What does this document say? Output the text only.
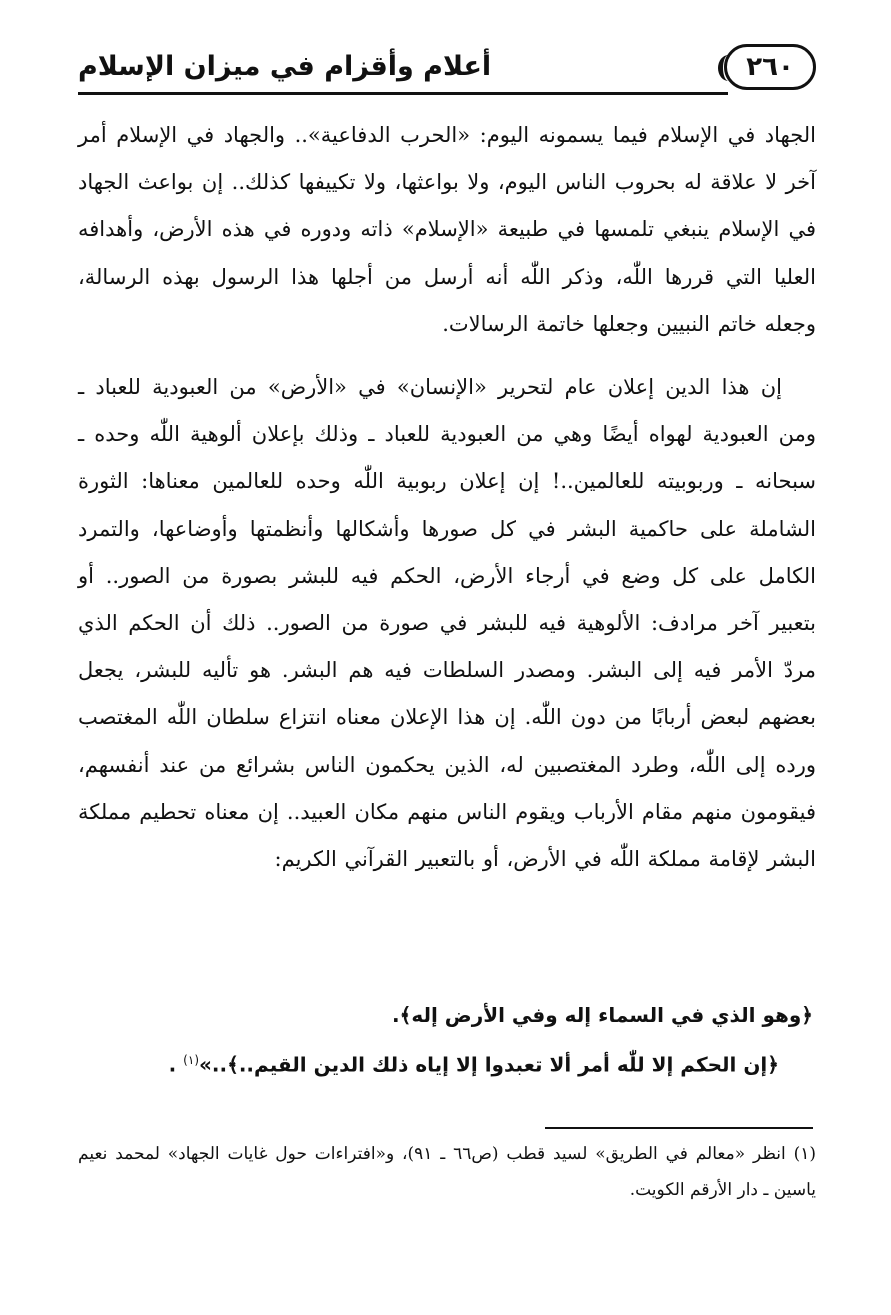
٢٦٠
أعلام وأقزام في ميزان الإسلام

الجهاد في الإسلام فيما يسمونه اليوم: «الحرب الدفاعية».. والجهاد في الإسلام أمر آخر لا علاقة له بحروب الناس اليوم، ولا بواعثها، ولا تكييفها كذلك.. إن بواعث الجهاد في الإسلام ينبغي تلمسها في طبيعة «الإسلام» ذاته ودوره في هذه الأرض، وأهدافه العليا التي قررها اللّٰه، وذكر اللّٰه أنه أرسل من أجلها هذا الرسول بهذه الرسالة، وجعله خاتم النبيين وجعلها خاتمة الرسالات.

إن هذا الدين إعلان عام لتحرير «الإنسان» في «الأرض» من العبودية للعباد ـ ومن العبودية لهواه أيضًا وهي من العبودية للعباد ـ وذلك بإعلان ألوهية اللّٰه وحده ـ سبحانه ـ وربوبيته للعالمين..! إن إعلان ربوبية اللّٰه وحده للعالمين معناها: الثورة الشاملة على حاكمية البشر في كل صورها وأشكالها وأنظمتها وأوضاعها، والتمرد الكامل على كل وضع في أرجاء الأرض، الحكم فيه للبشر بصورة من الصور.. أو بتعبير آخر مرادف: الألوهية فيه للبشر في صورة من الصور.. ذلك أن الحكم الذي مردّ الأمر فيه إلى البشر. ومصدر السلطات فيه هم البشر. هو تأليه للبشر، يجعل بعضهم لبعض أربابًا من دون اللّٰه. إن هذا الإعلان معناه انتزاع سلطان اللّٰه المغتصب ورده إلى اللّٰه، وطرد المغتصبين له، الذين يحكمون الناس بشرائع من عند أنفسهم، فيقومون منهم مقام الأرباب ويقوم الناس منهم مكان العبيد.. إن معناه تحطيم مملكة البشر لإقامة مملكة اللّٰه في الأرض، أو بالتعبير القرآني الكريم:

﴿وهو الذي في السماء إله وفي الأرض إله﴾.

﴿إن الحكم إلا للّٰه أمر ألا تعبدوا إلا إياه ذلك الدين القيم..﴾..»$^{(١)}$ .

(١) انظر «معالم في الطريق» لسيد قطب (ص٦٦ ـ ٩١)، و«افتراءات حول غايات الجهاد» لمحمد نعيم ياسين ـ دار الأرقم الكويت.
